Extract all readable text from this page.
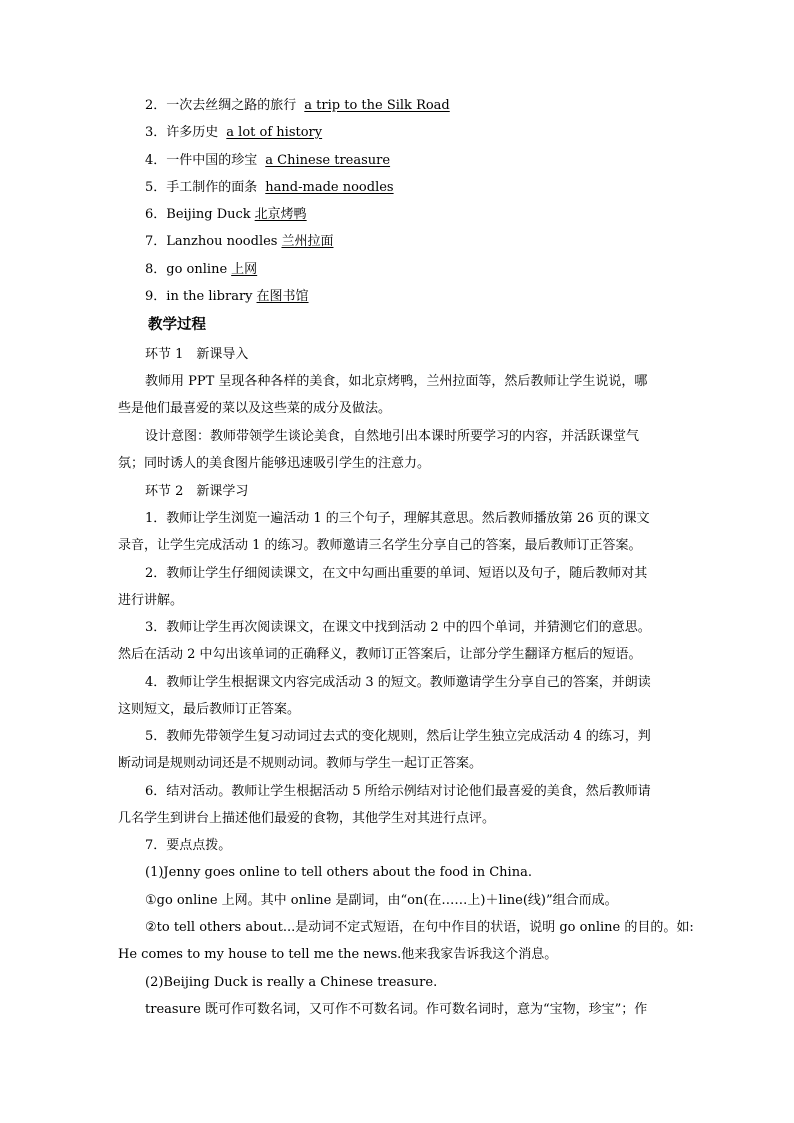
2．一次去丝绸之路的旅行 a trip to the Silk Road
3．许多历史 a lot of history
4．一件中国的珍宝 a Chinese treasure
5．手工制作的面条 hand-made noodles
6．Beijing Duck 北京烤鸭
7．Lanzhou noodles 兰州拉面
8．go online 上网
9．in the library 在图书馆
教学过程
环节 1　新课导入
教师用 PPT 呈现各种各样的美食，如北京烤鸭，兰州拉面等，然后教师让学生说说，哪
些是他们最喜爱的菜以及这些菜的成分及做法。
设计意图：教师带领学生谈论美食，自然地引出本课时所要学习的内容，并活跃课堂气
氛；同时诱人的美食图片能够迅速吸引学生的注意力。
环节 2　新课学习
1．教师让学生浏览一遍活动 1 的三个句子，理解其意思。然后教师播放第 26 页的课文
录音，让学生完成活动 1 的练习。教师邀请三名学生分享自己的答案，最后教师订正答案。
2．教师让学生仔细阅读课文，在文中勾画出重要的单词、短语以及句子，随后教师对其
进行讲解。
3．教师让学生再次阅读课文，在课文中找到活动 2 中的四个单词，并猜测它们的意思。
然后在活动 2 中勾出该单词的正确释义，教师订正答案后，让部分学生翻译方框后的短语。
4．教师让学生根据课文内容完成活动 3 的短文。教师邀请学生分享自己的答案，并朗读
这则短文，最后教师订正答案。
5．教师先带领学生复习动词过去式的变化规则，然后让学生独立完成活动 4 的练习，判
断动词是规则动词还是不规则动词。教师与学生一起订正答案。
6．结对活动。教师让学生根据活动 5 所给示例结对讨论他们最喜爱的美食，然后教师请
几名学生到讲台上描述他们最爱的食物，其他学生对其进行点评。
7．要点点拨。
(1)Jenny goes online to tell others about the food in China.
①go online 上网。其中 online 是副词，由“on(在……上)＋line(线)”组合而成。
②to tell others about...是动词不定式短语，在句中作目的状语，说明 go online 的目的。如:
He comes to my house to tell me the news.他来我家告诉我这个消息。
(2)Beijing Duck is really a Chinese treasure.
treasure 既可作可数名词，又可作不可数名词。作可数名词时，意为“宝物，珍宝”；作
